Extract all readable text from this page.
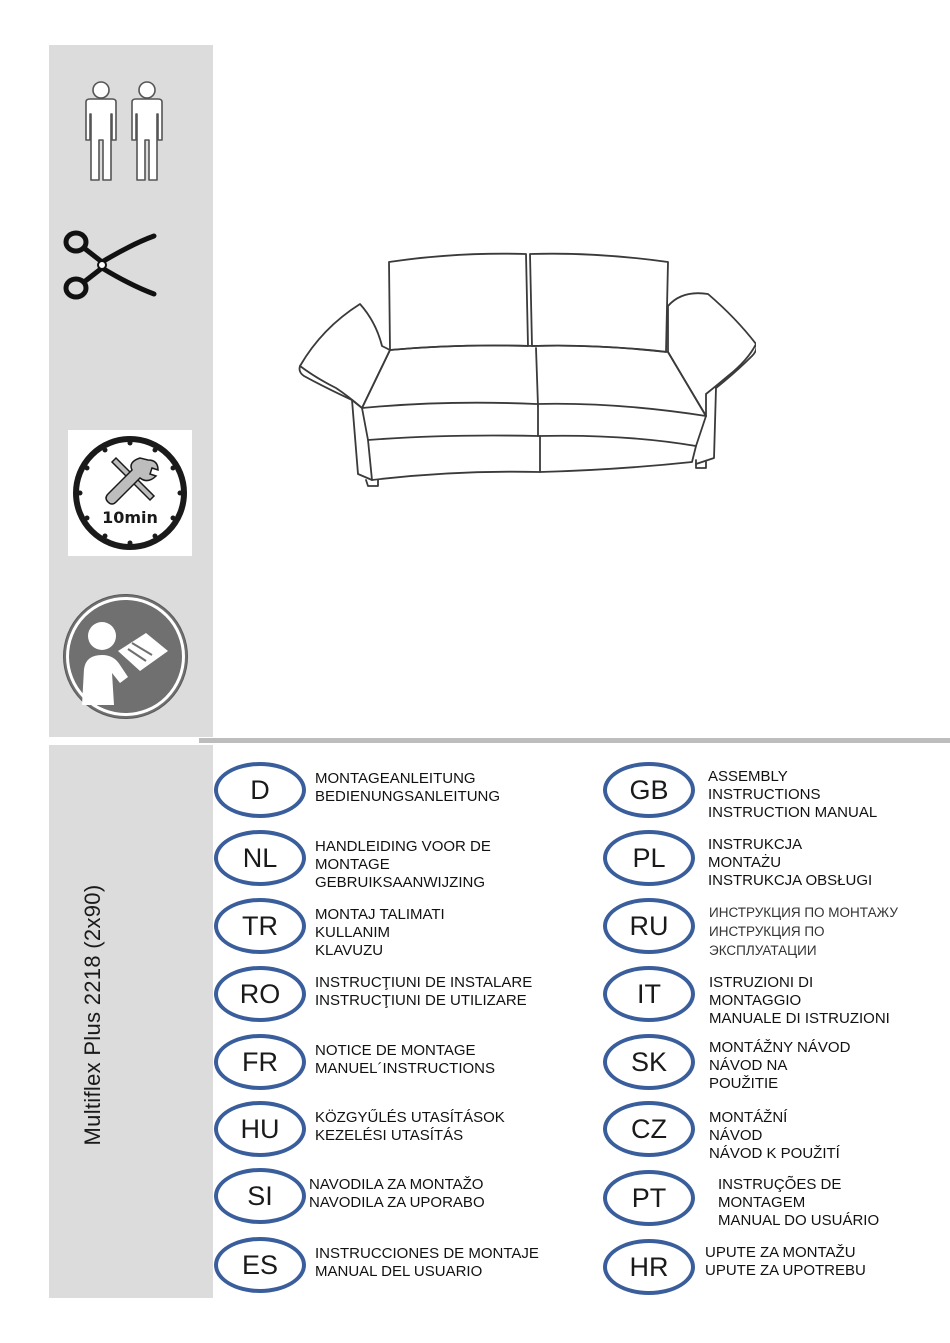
10min
Multiflex Plus 2218 (2x90)
D	MONTAGEANLEITUNG
BEDIENUNGSANLEITUNG
NL	HANDLEIDING VOOR DE
MONTAGE
GEBRUIKSAANWIJZING
TR	MONTAJ TALIMATI
KULLANIM
KLAVUZU
RO	INSTRUCŢIUNI DE INSTALARE
INSTRUCŢIUNI DE UTILIZARE
FR	NOTICE DE MONTAGE
MANUEL´INSTRUCTIONS
HU	KÖZGYŰLÉS UTASÍTÁSOK
KEZELÉSI UTASÍTÁS
SI	NAVODILA ZA MONTAŽO
NAVODILA ZA UPORABO
ES	INSTRUCCIONES DE MONTAJE
MANUAL DEL USUARIO
GB	ASSEMBLY
INSTRUCTIONS
INSTRUCTION MANUAL
PL	INSTRUKCJA
MONTAŻU
INSTRUKCJA OBSŁUGI
RU	ИНСТРУКЦИЯ ПО МОНТАЖУ
ИНСТРУКЦИЯ ПО
ЭКСПЛУАТАЦИИ
IT	ISTRUZIONI DI
MONTAGGIO
MANUALE DI ISTRUZIONI
SK	MONTÁŽNY NÁVOD
NÁVOD NA
POUŽITIE
CZ	MONTÁŽNÍ
NÁVOD
NÁVOD K POUŽITÍ
PT	INSTRUÇÕES DE
MONTAGEM
MANUAL DO USUÁRIO
HR	UPUTE ZA MONTAŽU
UPUTE ZA UPOTREBU
